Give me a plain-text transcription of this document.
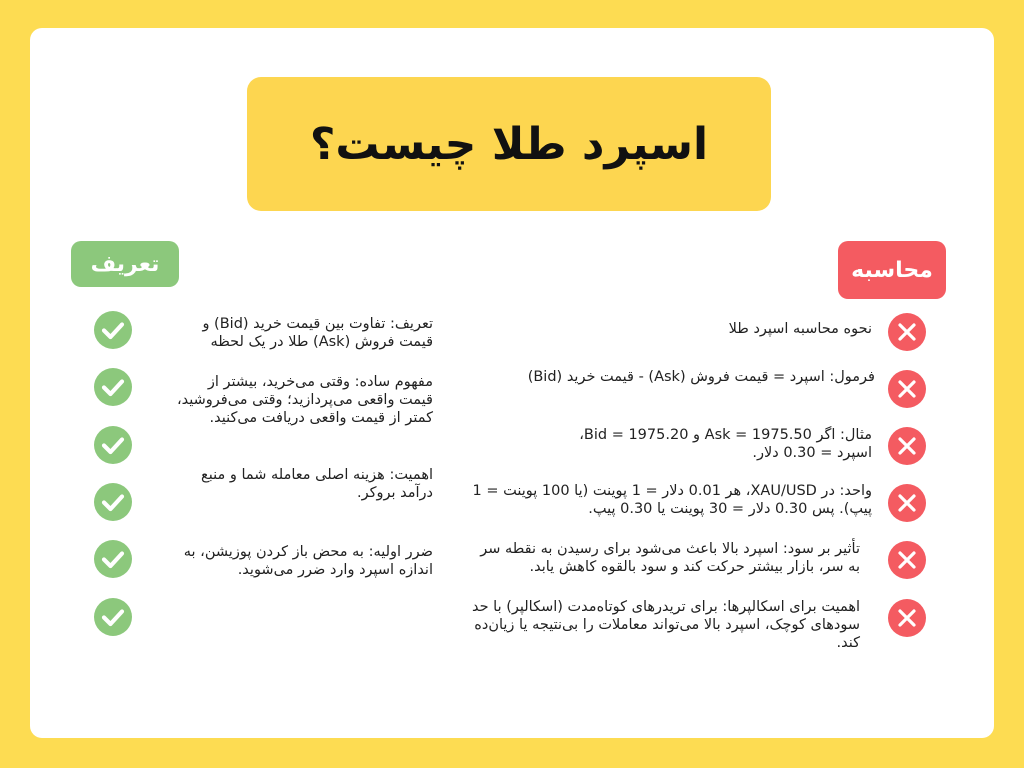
اسپرد طلا چیست؟
تعریف	محاسبه
تعریف: تفاوت بین قیمت خرید (Bid) و قیمت فروش (Ask) طلا در یک لحظه
مفهوم ساده: وقتی می‌خرید، بیشتر از قیمت واقعی می‌پردازید؛ وقتی می‌فروشید، کمتر از قیمت واقعی دریافت می‌کنید.
اهمیت: هزینه اصلی معامله شما و منبع درآمد بروکر.
ضرر اولیه: به محض باز کردن پوزیشن، به اندازه اسپرد وارد ضرر می‌شوید.
نحوه محاسبه اسپرد طلا
فرمول: اسپرد = قیمت فروش (Ask) - قیمت خرید (Bid)
مثال: اگر Ask = 1975.50 و Bid = 1975.20، اسپرد = 0.30 دلار.
واحد: در XAU/USD، هر 0.01 دلار = 1 پوینت (یا 100 پوینت = 1 پیپ). پس 0.30 دلار = 30 پوینت یا 0.30 پیپ.
تأثیر بر سود: اسپرد بالا باعث می‌شود برای رسیدن به نقطه سر به سر، بازار بیشتر حرکت کند و سود بالقوه کاهش یابد.
اهمیت برای اسکالپرها: برای تریدرهای کوتاه‌مدت (اسکالپر) با حد سودهای کوچک، اسپرد بالا می‌تواند معاملات را بی‌نتیجه یا زیان‌ده کند.
